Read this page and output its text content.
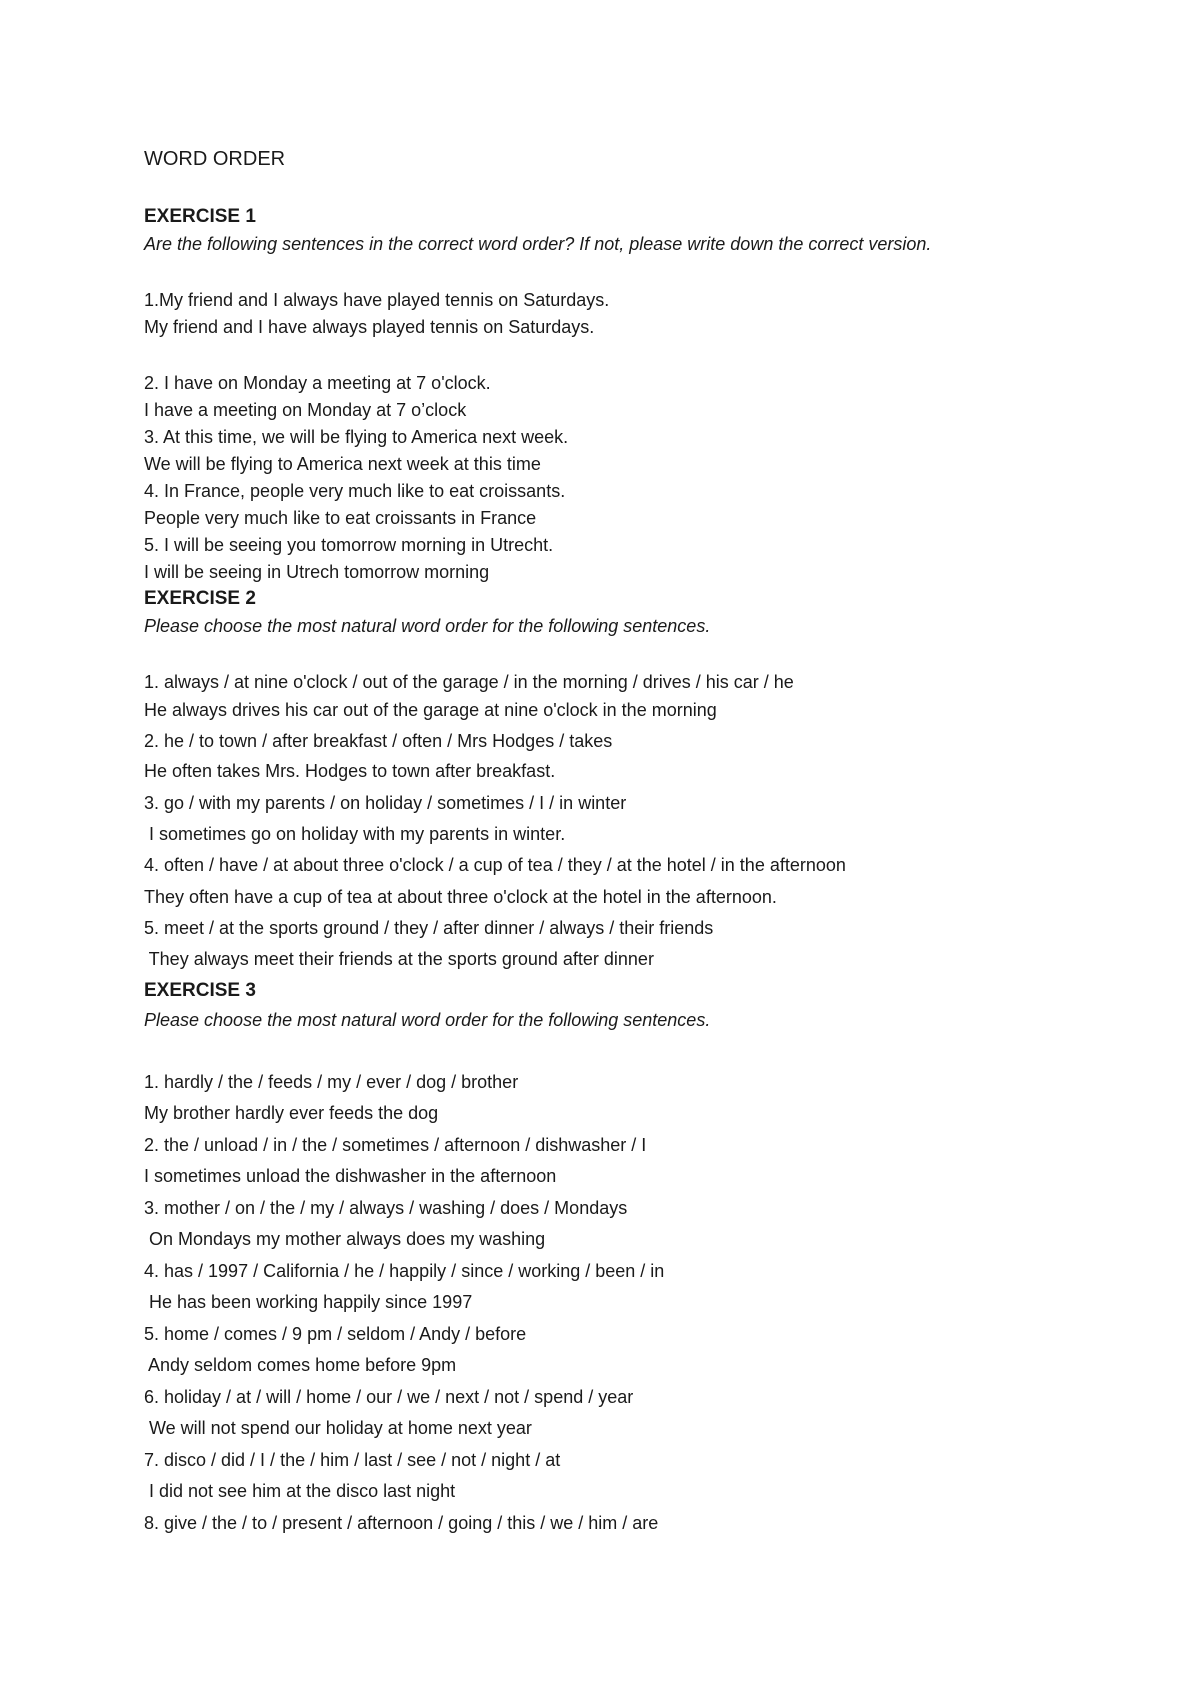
WORD ORDER
EXERCISE 1
Are the following sentences in the correct word order? If not, please write down the correct version.
1.My friend and I always have played tennis on Saturdays.
My friend and I have always played tennis on Saturdays.
2. I have on Monday a meeting at 7 o'clock.
I have a meeting on Monday at 7 o’clock
3. At this time, we will be flying to America next week.
We will be flying to America next week at this time
4. In France, people very much like to eat croissants.
People very much like to eat croissants in France
5. I will be seeing you tomorrow morning in Utrecht.
I will be seeing in Utrech tomorrow morning
EXERCISE 2
Please choose the most natural word order for the following sentences.
1. always / at nine o'clock / out of the garage / in the morning / drives / his car / he
He always drives his car out of the garage at nine o'clock in the morning
2. he / to town / after breakfast / often / Mrs Hodges / takes
He often takes Mrs. Hodges to town after breakfast.
3. go / with my parents / on holiday / sometimes / I / in winter
I sometimes go on holiday with my parents in winter.
4. often / have / at about three o'clock / a cup of tea / they / at the hotel / in the afternoon
They often have a cup of tea at about three o'clock at the hotel in the afternoon.
5. meet / at the sports ground / they / after dinner / always / their friends
They always meet their friends at the sports ground after dinner
EXERCISE 3
Please choose the most natural word order for the following sentences.
1. hardly / the / feeds / my / ever / dog / brother
My brother hardly ever feeds the dog
2. the / unload / in / the / sometimes / afternoon / dishwasher / I
I sometimes unload the dishwasher in the afternoon
3. mother / on / the / my / always / washing / does / Mondays
On Mondays my mother always does my washing
4. has / 1997 / California / he / happily / since / working / been / in
He has been working happily since 1997
5. home / comes / 9 pm / seldom / Andy / before
Andy seldom comes home before 9pm
6. holiday / at / will / home / our / we / next / not / spend / year
We will not spend our holiday at home next year
7. disco / did / I / the / him / last / see / not / night / at
I did not see him at the disco last night
8. give / the / to / present / afternoon / going / this / we / him / are
